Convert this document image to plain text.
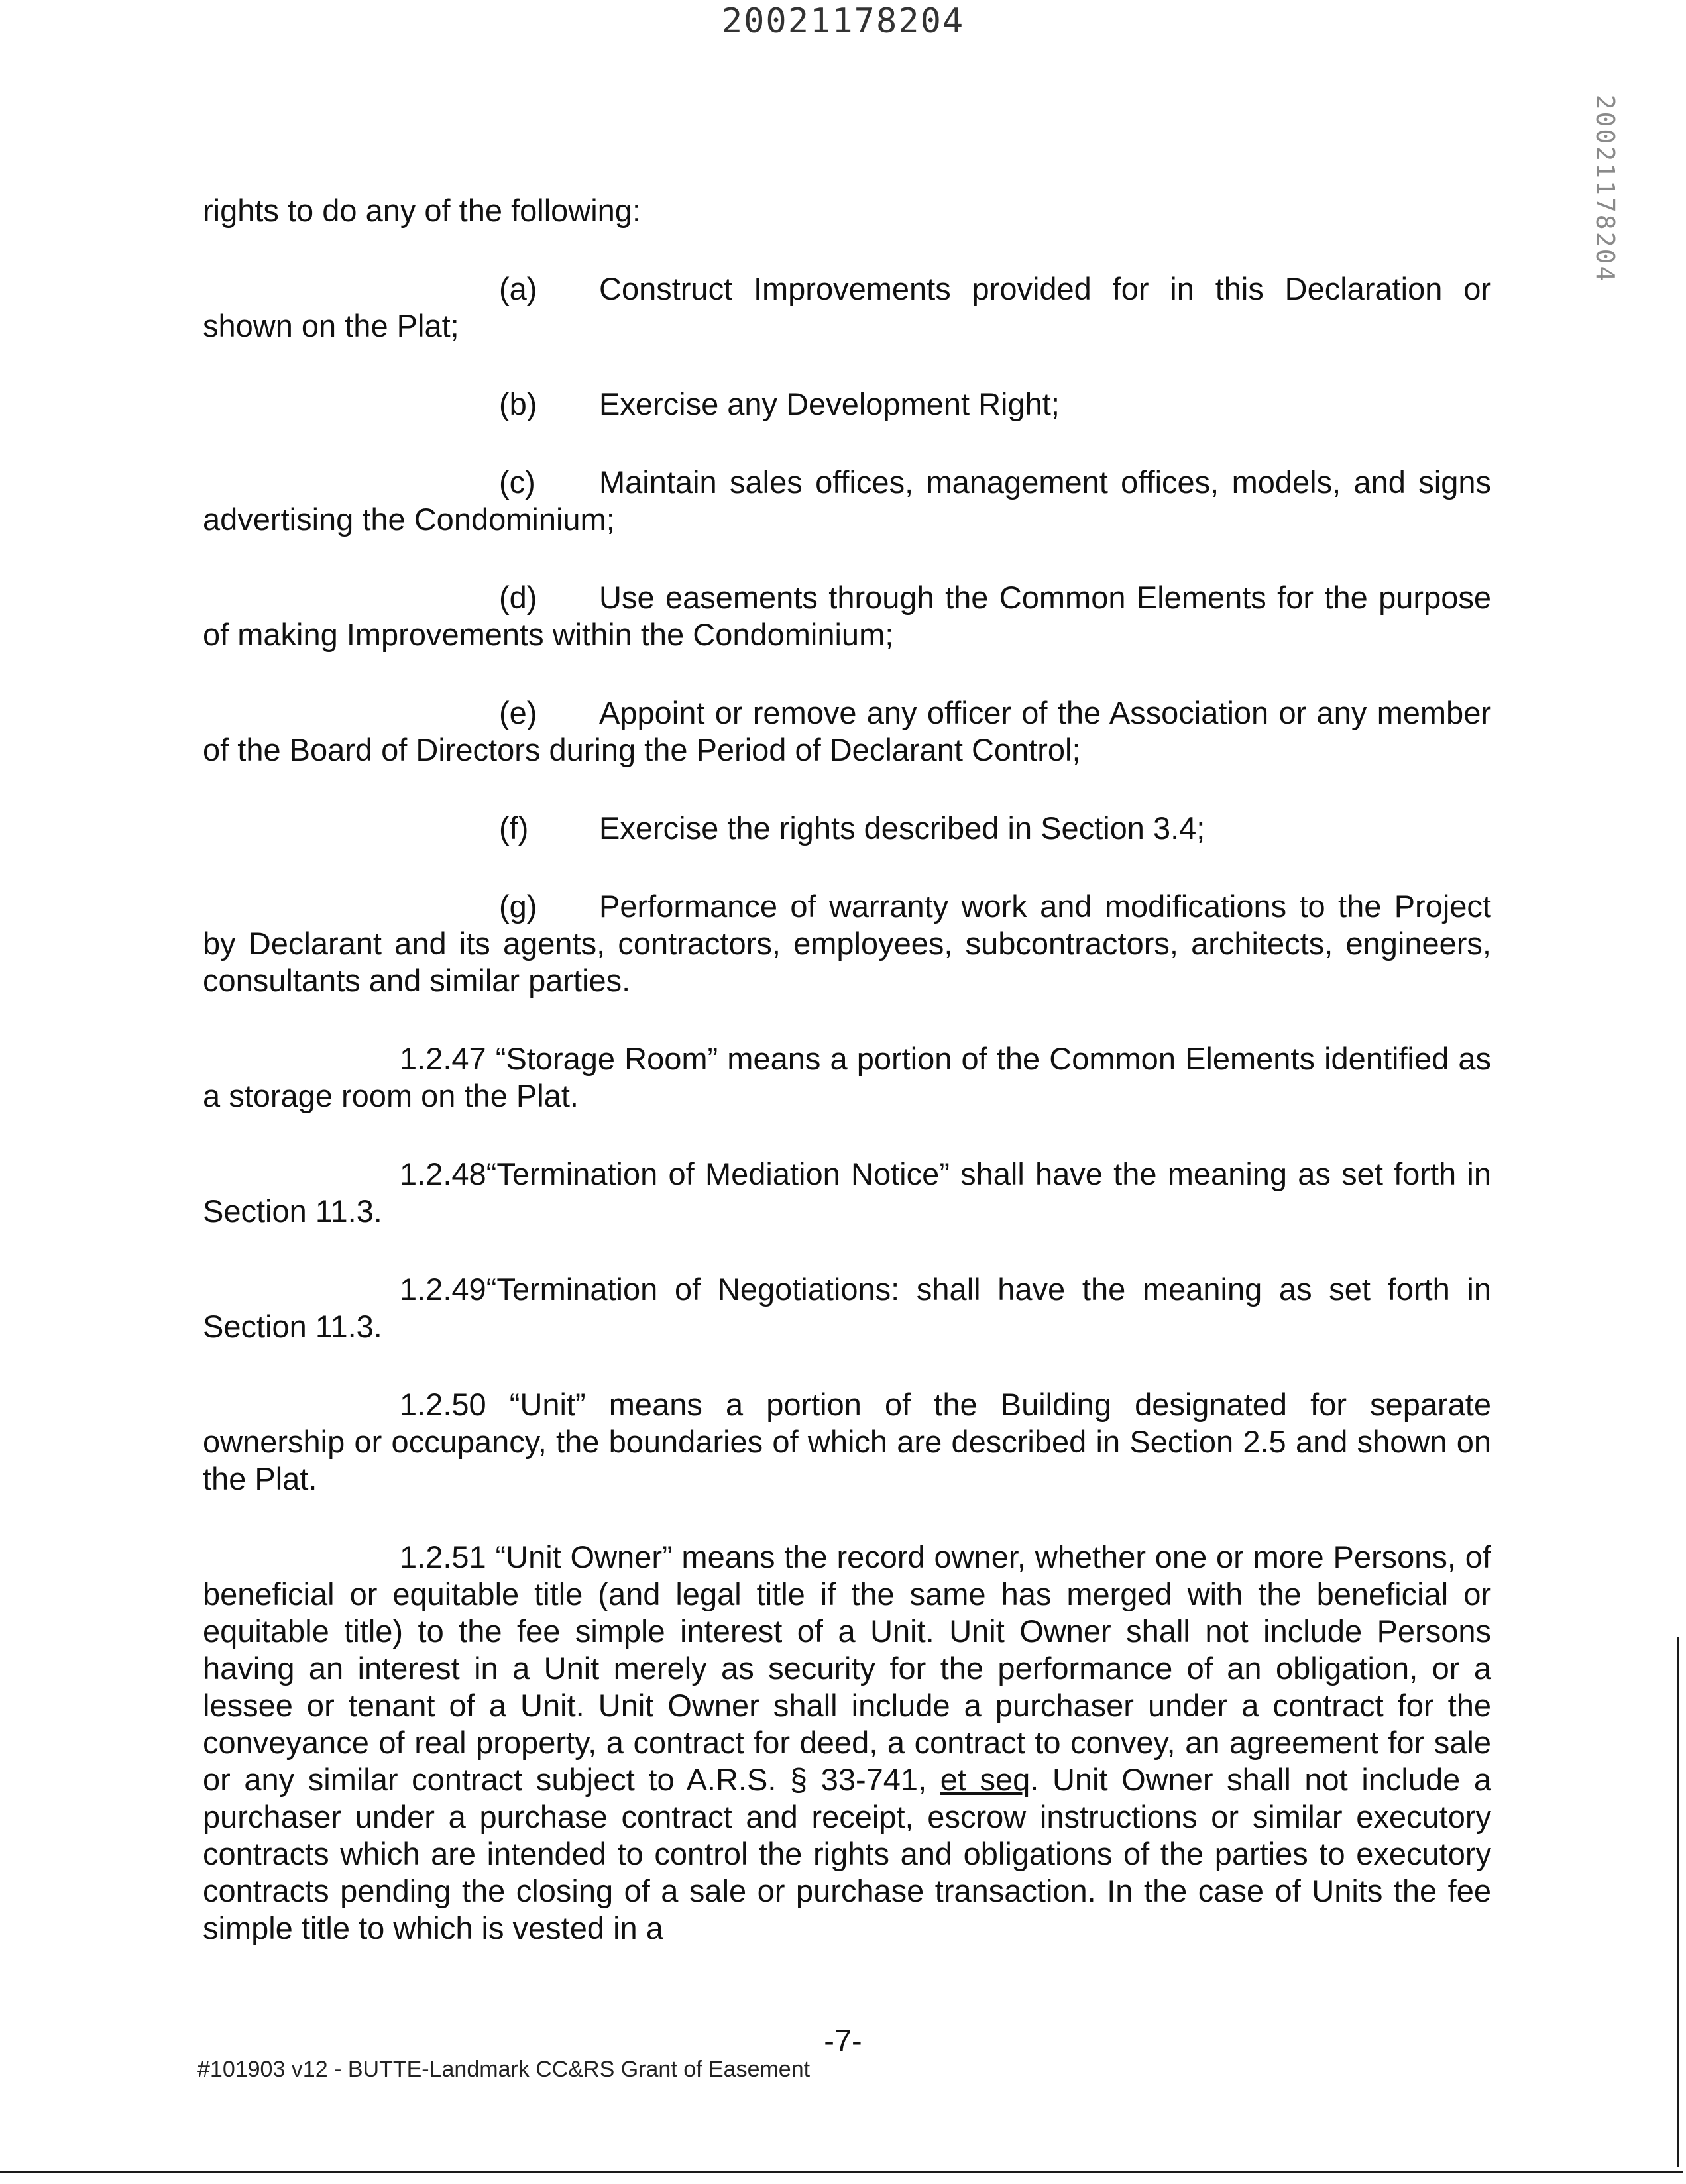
20021178204
20021178204

rights to do any of the following:

(a) Construct Improvements provided for in this Declaration or shown on the Plat;

(b) Exercise any Development Right;

(c) Maintain sales offices, management offices, models, and signs advertising the Condominium;

(d) Use easements through the Common Elements for the purpose of making Improvements within the Condominium;

(e) Appoint or remove any officer of the Association or any member of the Board of Directors during the Period of Declarant Control;

(f) Exercise the rights described in Section 3.4;

(g) Performance of warranty work and modifications to the Project by Declarant and its agents, contractors, employees, subcontractors, architects, engineers, consultants and similar parties.

1.2.47 “Storage Room” means a portion of the Common Elements identified as a storage room on the Plat.

1.2.48“Termination of Mediation Notice” shall have the meaning as set forth in Section 11.3.

1.2.49“Termination of Negotiations: shall have the meaning as set forth in Section 11.3.

1.2.50 “Unit” means a portion of the Building designated for separate ownership or occupancy, the boundaries of which are described in Section 2.5 and shown on the Plat.

1.2.51 “Unit Owner” means the record owner, whether one or more Persons, of beneficial or equitable title (and legal title if the same has merged with the beneficial or equitable title) to the fee simple interest of a Unit. Unit Owner shall not include Persons having an interest in a Unit merely as security for the performance of an obligation, or a lessee or tenant of a Unit. Unit Owner shall include a purchaser under a contract for the conveyance of real property, a contract for deed, a contract to convey, an agreement for sale or any similar contract subject to A.R.S. § 33-741, et seq. Unit Owner shall not include a purchaser under a purchase contract and receipt, escrow instructions or similar executory contracts which are intended to control the rights and obligations of the parties to executory contracts pending the closing of a sale or purchase transaction. In the case of Units the fee simple title to which is vested in a

-7-
#101903 v12 - BUTTE-Landmark CC&RS Grant of Easement
